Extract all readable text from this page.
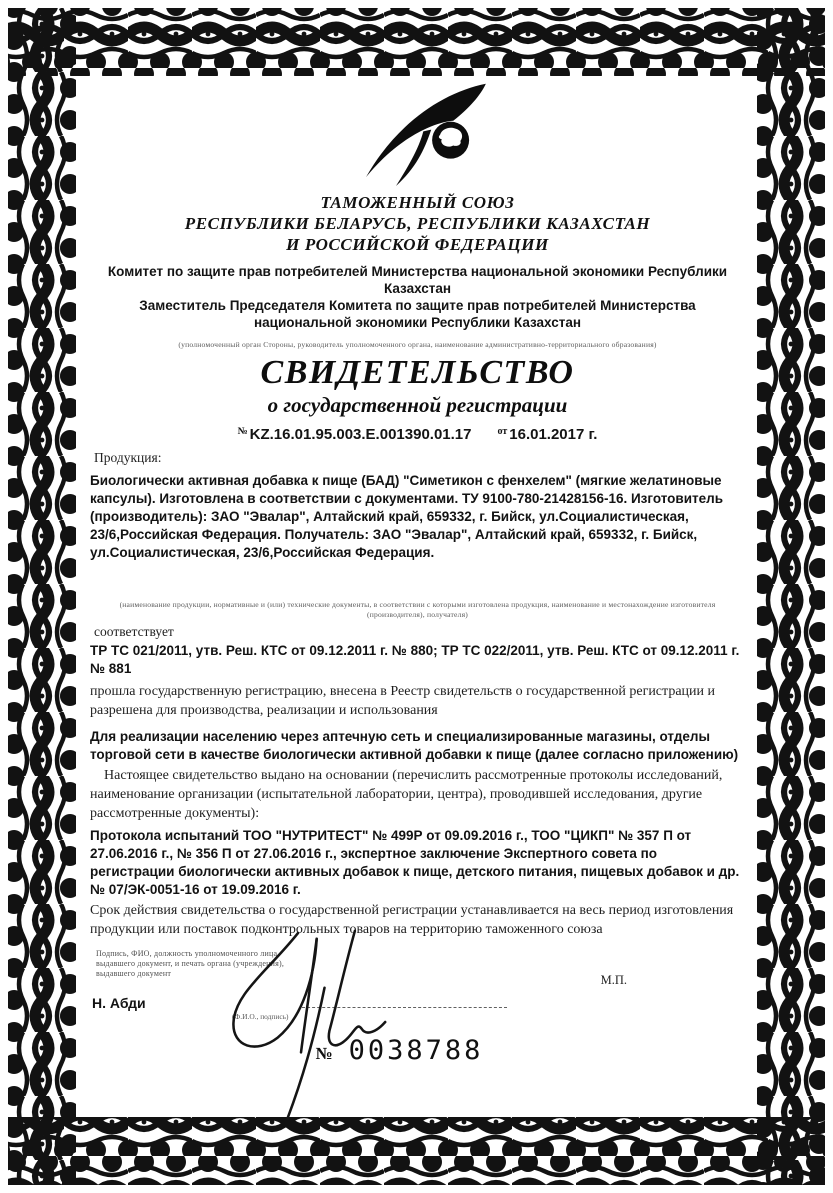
ТАМОЖЕННЫЙ СОЮЗ
РЕСПУБЛИКИ БЕЛАРУСЬ, РЕСПУБЛИКИ КАЗАХСТАН
И РОССИЙСКОЙ ФЕДЕРАЦИИ
Комитет по защите прав потребителей Министерства национальной экономики Республики Казахстан
Заместитель Председателя Комитета по защите прав потребителей Министерства национальной экономики Республики Казахстан
(уполномоченный орган Стороны, руководитель уполномоченного органа, наименование административно-территориального образования)
СВИДЕТЕЛЬСТВО
о государственной регистрации
№ KZ.16.01.95.003.E.001390.01.17	$^{от}$ 16.01.2017 г.
Продукция:
Биологически активная добавка к пище (БАД) "Симетикон с фенхелем" (мягкие желатиновые капсулы). Изготовлена в соответствии с документами. ТУ 9100-780-21428156-16. Изготовитель (производитель): ЗАО "Эвалар", Алтайский край, 659332, г. Бийск, ул.Социалистическая, 23/6,Российская Федерация. Получатель: ЗАО "Эвалар", Алтайский край, 659332, г. Бийск, ул.Социалистическая, 23/6,Российская Федерация.
(наименование продукции, нормативные и (или) технические документы, в соответствии с которыми изготовлена продукция, наименование и местонахождение изготовителя (производителя), получателя)
соответствует
ТР ТС 021/2011, утв. Реш. КТС от 09.12.2011 г. № 880; ТР ТС 022/2011, утв. Реш. КТС от 09.12.2011 г. № 881
прошла государственную регистрацию, внесена в Реестр свидетельств о государственной регистрации и разрешена для производства, реализации и использования
Для реализации населению через аптечную сеть и специализированные магазины, отделы торговой сети в качестве биологически активной добавки к пище (далее согласно приложению)
Настоящее свидетельство выдано на основании (перечислить рассмотренные протоколы исследований, наименование организации (испытательной лаборатории, центра), проводившей исследования, другие рассмотренные документы):
Протокола испытаний ТОО "НУТРИТЕСТ" № 499Р от 09.09.2016 г., ТОО "ЦИКП" № 357 П от 27.06.2016 г., № 356 П от 27.06.2016 г., экспертное заключение Экспертного совета по регистрации биологически активных добавок к пище, детского питания, пищевых добавок и др. № 07/ЭК-0051-16 от 19.09.2016 г.
Срок действия свидетельства о государственной регистрации устанавливается на весь период изготовления продукции или поставок подконтрольных товаров на территорию таможенного союза
Подпись, ФИО, должность уполномоченного лица,
выдавшего документ, и печать органа (учреждения),
выдавшего документ	М.П.
Н. Абди
(Ф.И.О., подпись)
№ 0038788
